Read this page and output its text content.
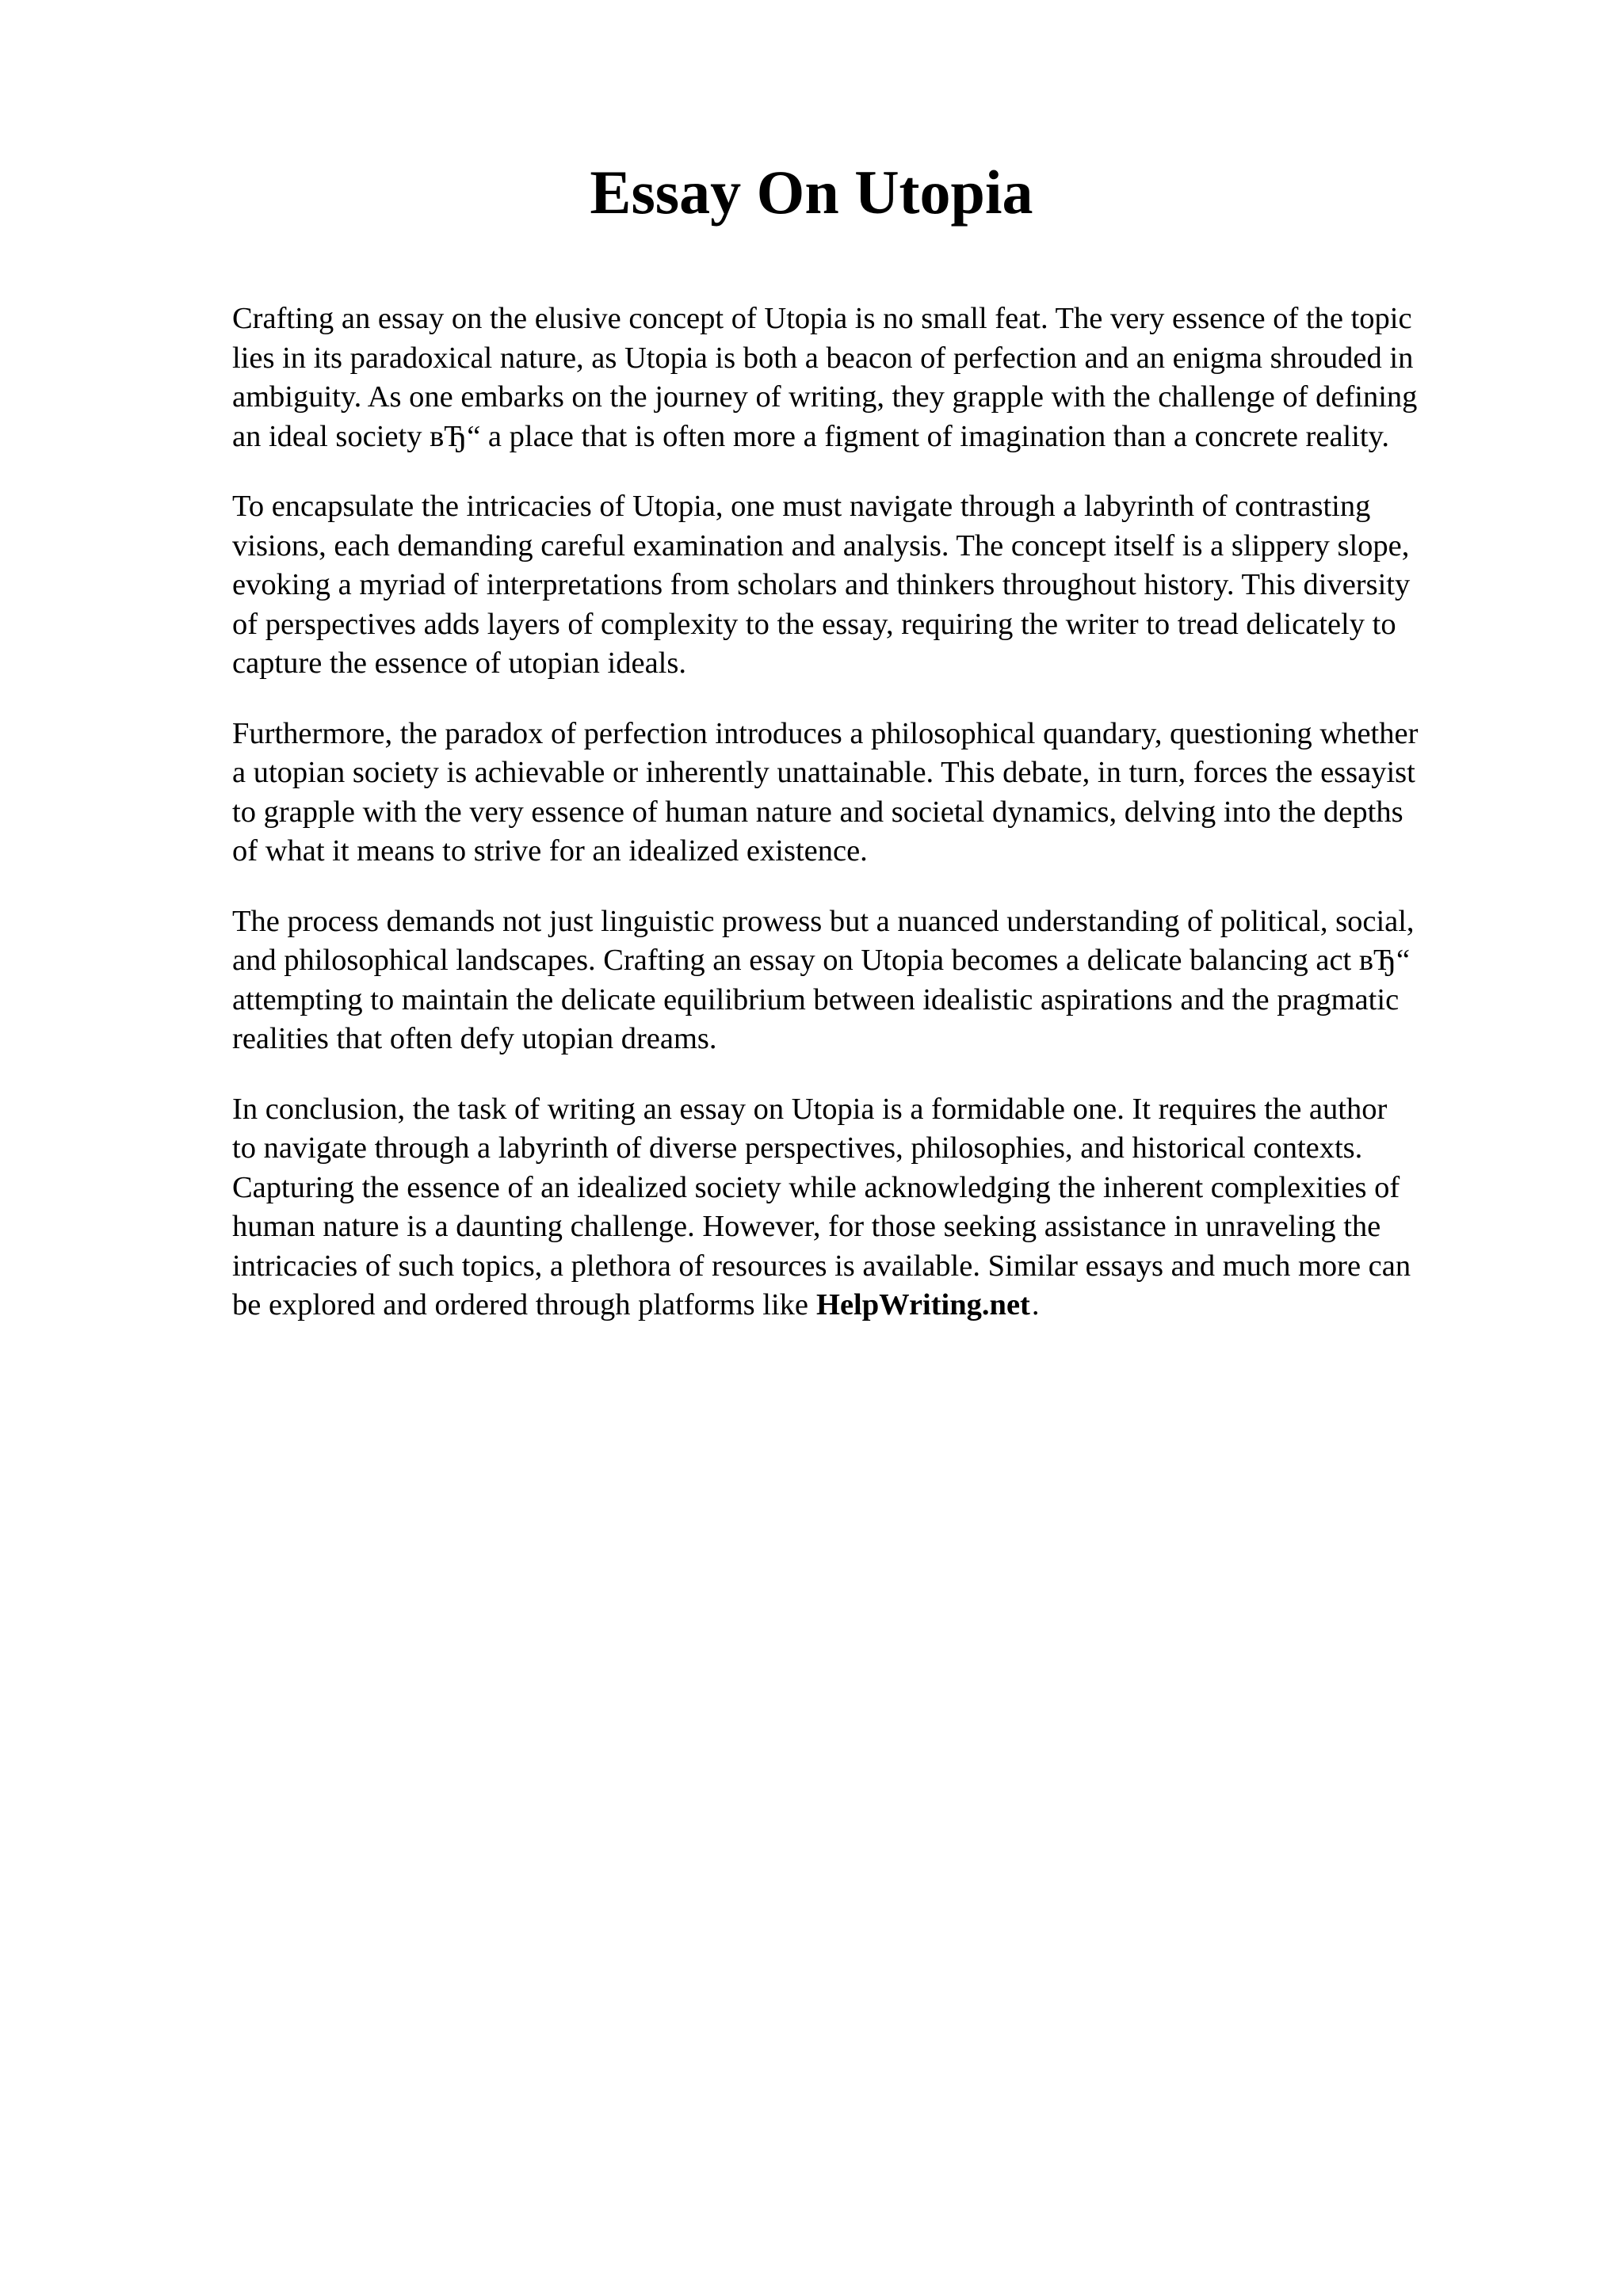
Essay On Utopia

Crafting an essay on the elusive concept of Utopia is no small feat. The very essence of the topic
lies in its paradoxical nature, as Utopia is both a beacon of perfection and an enigma shrouded in
ambiguity. As one embarks on the journey of writing, they grapple with the challenge of defining
an ideal society вЂ“ a place that is often more a figment of imagination than a concrete reality.

To encapsulate the intricacies of Utopia, one must navigate through a labyrinth of contrasting
visions, each demanding careful examination and analysis. The concept itself is a slippery slope,
evoking a myriad of interpretations from scholars and thinkers throughout history. This diversity
of perspectives adds layers of complexity to the essay, requiring the writer to tread delicately to
capture the essence of utopian ideals.

Furthermore, the paradox of perfection introduces a philosophical quandary, questioning whether
a utopian society is achievable or inherently unattainable. This debate, in turn, forces the essayist
to grapple with the very essence of human nature and societal dynamics, delving into the depths
of what it means to strive for an idealized existence.

The process demands not just linguistic prowess but a nuanced understanding of political, social,
and philosophical landscapes. Crafting an essay on Utopia becomes a delicate balancing act вЂ“
attempting to maintain the delicate equilibrium between idealistic aspirations and the pragmatic
realities that often defy utopian dreams.

In conclusion, the task of writing an essay on Utopia is a formidable one. It requires the author
to navigate through a labyrinth of diverse perspectives, philosophies, and historical contexts.
Capturing the essence of an idealized society while acknowledging the inherent complexities of
human nature is a daunting challenge. However, for those seeking assistance in unraveling the
intricacies of such topics, a plethora of resources is available. Similar essays and much more can
be explored and ordered through platforms like HelpWriting.net.
